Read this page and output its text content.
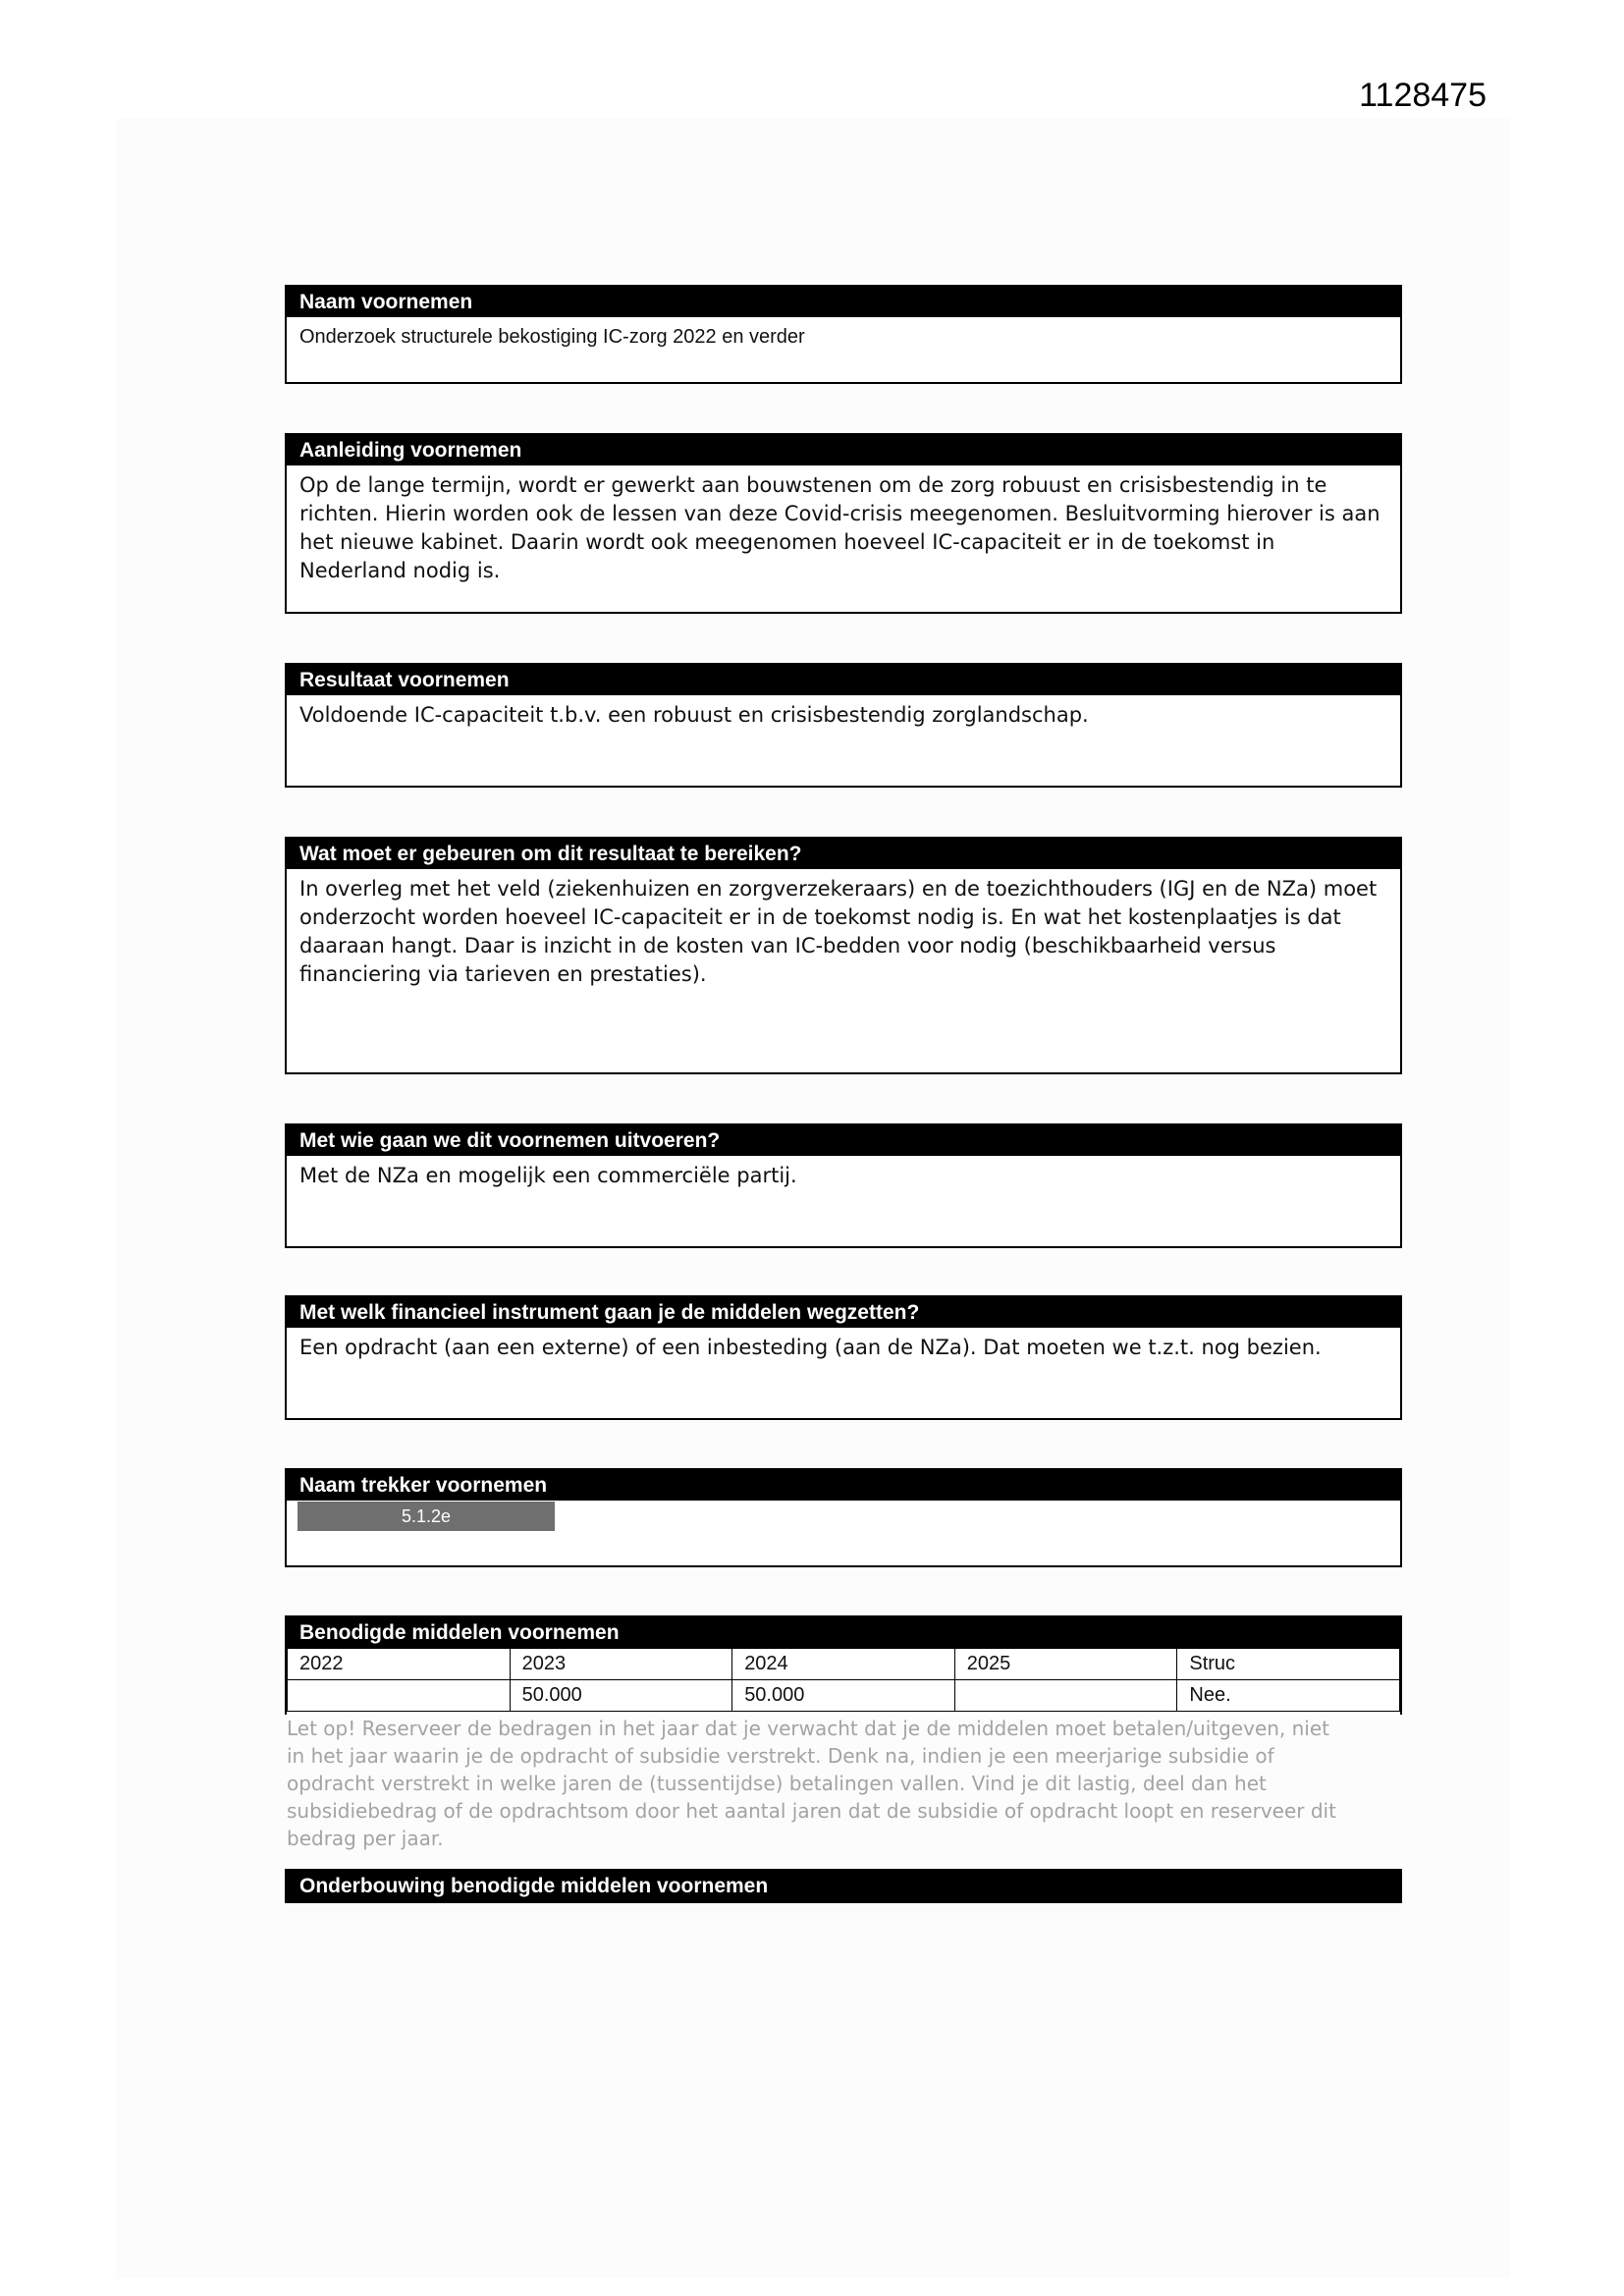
1128475
Naam voornemen
Onderzoek structurele bekostiging IC-zorg 2022 en verder
Aanleiding voornemen
Op de lange termijn, wordt er gewerkt aan bouwstenen om de zorg robuust en crisisbestendig in te richten. Hierin worden ook de lessen van deze Covid-crisis meegenomen. Besluitvorming hierover is aan het nieuwe kabinet. Daarin wordt ook meegenomen hoeveel IC-capaciteit er in de toekomst in Nederland nodig is.
Resultaat voornemen
Voldoende IC-capaciteit t.b.v. een robuust en crisisbestendig zorglandschap.
Wat moet er gebeuren om dit resultaat te bereiken?
In overleg met het veld (ziekenhuizen en zorgverzekeraars) en de toezichthouders (IGJ en de NZa) moet onderzocht worden hoeveel IC-capaciteit er in de toekomst nodig is. En wat het kostenplaatjes is dat daaraan hangt. Daar is inzicht in de kosten van IC-bedden voor nodig (beschikbaarheid versus financiering via tarieven en prestaties).
Met wie gaan we dit voornemen uitvoeren?
Met de NZa en mogelijk een commerciële partij.
Met welk financieel instrument gaan je de middelen wegzetten?
Een opdracht (aan een externe) of een inbesteding (aan de NZa). Dat moeten we t.z.t. nog bezien.
Naam trekker voornemen
5.1.2e
Benodigde middelen voornemen
2022	2023	2024	2025	Struc
	50.000	50.000		Nee.
Let op! Reserveer de bedragen in het jaar dat je verwacht dat je de middelen moet betalen/uitgeven, niet in het jaar waarin je de opdracht of subsidie verstrekt. Denk na, indien je een meerjarige subsidie of opdracht verstrekt in welke jaren de (tussentijdse) betalingen vallen. Vind je dit lastig, deel dan het subsidiebedrag of de opdrachtsom door het aantal jaren dat de subsidie of opdracht loopt en reserveer dit bedrag per jaar.
Onderbouwing benodigde middelen voornemen
